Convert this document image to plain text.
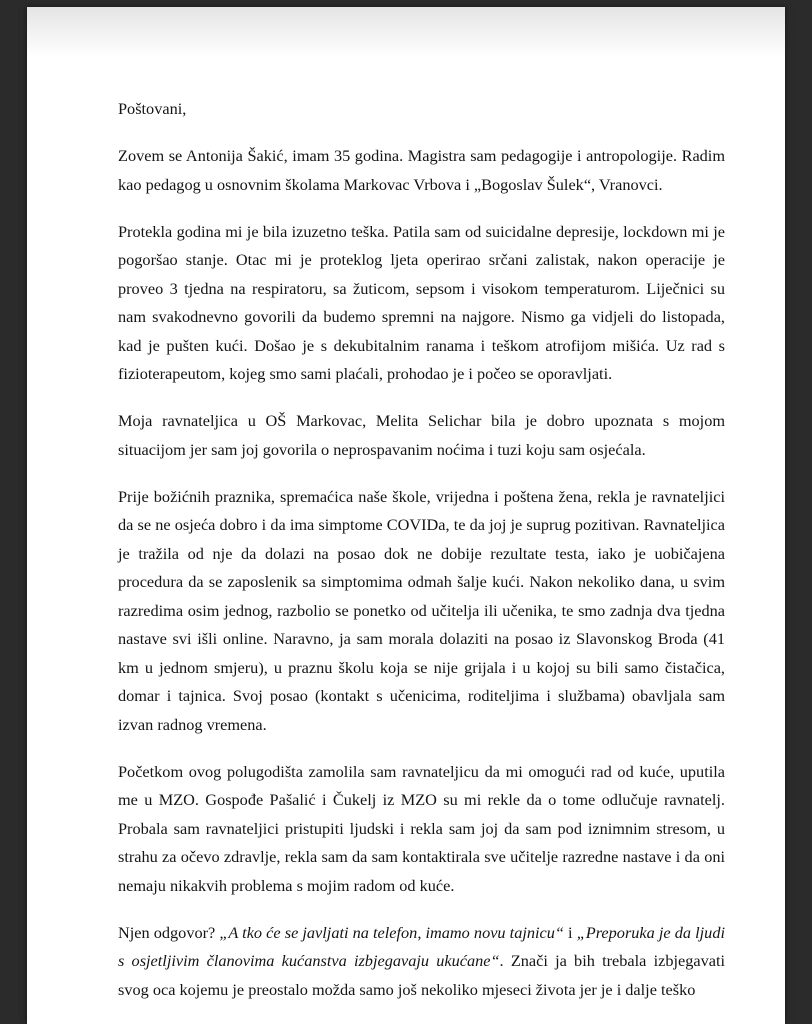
Poštovani,

Zovem se Antonija Šakić, imam 35 godina. Magistra sam pedagogije i antropologije. Radim kao pedagog u osnovnim školama Markovac Vrbova i „Bogoslav Šulek“, Vranovci.

Protekla godina mi je bila izuzetno teška. Patila sam od suicidalne depresije, lockdown mi je pogoršao stanje. Otac mi je proteklog ljeta operirao srčani zalistak, nakon operacije je proveo 3 tjedna na respiratoru, sa žuticom, sepsom i visokom temperaturom. Liječnici su nam svakodnevno govorili da budemo spremni na najgore. Nismo ga vidjeli do listopada, kad je pušten kući. Došao je s dekubitalnim ranama i teškom atrofijom mišića. Uz rad s fizioterapeutom, kojeg smo sami plaćali, prohodao je i počeo se oporavljati.

Moja ravnateljica u OŠ Markovac, Melita Selichar bila je dobro upoznata s mojom situacijom jer sam joj govorila o neprospavanim noćima i tuzi koju sam osjećala.

Prije božićnih praznika, spremaćica naše škole, vrijedna i poštena žena, rekla je ravnateljici da se ne osjeća dobro i da ima simptome COVIDa, te da joj je suprug pozitivan. Ravnateljica je tražila od nje da dolazi na posao dok ne dobije rezultate testa, iako je uobičajena procedura da se zaposlenik sa simptomima odmah šalje kući. Nakon nekoliko dana, u svim razredima osim jednog, razbolio se ponetko od učitelja ili učenika, te smo zadnja dva tjedna nastave svi išli online. Naravno, ja sam morala dolaziti na posao iz Slavonskog Broda (41 km u jednom smjeru), u praznu školu koja se nije grijala i u kojoj su bili samo čistačica, domar i tajnica. Svoj posao (kontakt s učenicima, roditeljima i službama) obavljala sam izvan radnog vremena.

Početkom ovog polugodišta zamolila sam ravnateljicu da mi omogući rad od kuće, uputila me u MZO. Gospođe Pašalić i Čukelj iz MZO su mi rekle da o tome odlučuje ravnatelj. Probala sam ravnateljici pristupiti ljudski i rekla sam joj da sam pod iznimnim stresom, u strahu za očevo zdravlje, rekla sam da sam kontaktirala sve učitelje razredne nastave i da oni nemaju nikakvih problema s mojim radom od kuće.

Njen odgovor? „A tko će se javljati na telefon, imamo novu tajnicu“ i „Preporuka je da ljudi s osjetljivim članovima kućanstva izbjegavaju ukućane“. Znači ja bih trebala izbjegavati svog oca kojemu je preostalo možda samo još nekoliko mjeseci života jer je i dalje teško
